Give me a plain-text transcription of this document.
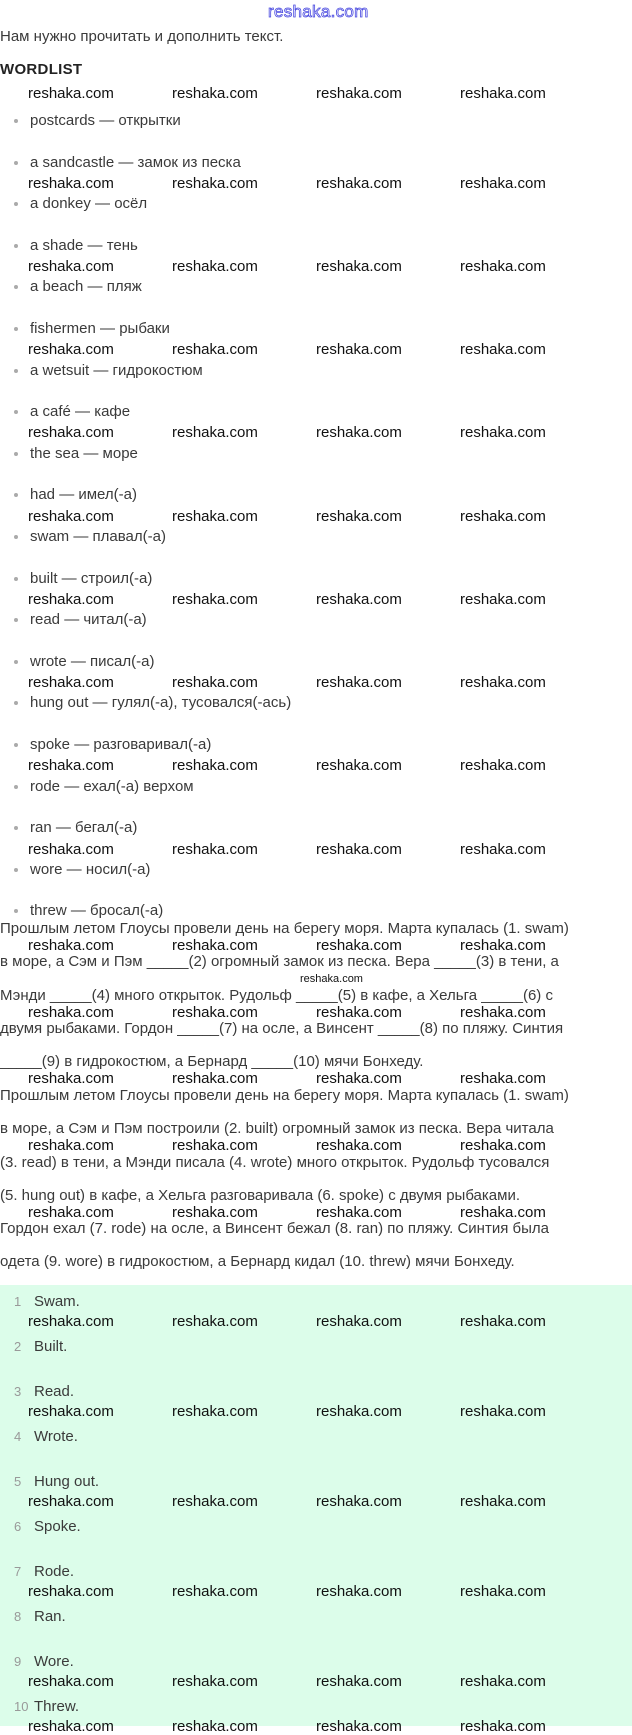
reshaka.com
Нам нужно прочитать и дополнить текст.
WORDLIST
postcards — открытки
a sandcastle — замок из песка
a donkey — осёл
a shade — тень
a beach — пляж
fishermen — рыбаки
a wetsuit — гидрокостюм
a café — кафе
the sea — море
had — имел(-а)
swam — плавал(-а)
built — строил(-а)
read — читал(-а)
wrote — писал(-а)
hung out — гулял(-а), тусовался(-ась)
spoke — разговаривал(-а)
rode — ехал(-а) верхом
ran — бегал(-а)
wore — носил(-а)
threw — бросал(-а)
Прошлым летом Глоусы провели день на берегу моря. Марта купалась (1. swam)
в море, а Сэм и Пэм _____(2) огромный замок из песка. Вера _____(3) в тени, а
Мэнди _____(4) много открыток. Рудольф _____(5) в кафе, а Хельга _____(6) с
двумя рыбаками. Гордон _____(7) на осле, а Винсент _____(8) по пляжу. Синтия
_____(9) в гидрокостюм, а Бернард _____(10) мячи Бонхеду.
Прошлым летом Глоусы провели день на берегу моря. Марта купалась (1. swam)
в море, а Сэм и Пэм построили (2. built) огромный замок из песка. Вера читала
(3. read) в тени, а Мэнди писала (4. wrote) много открыток. Рудольф тусовался
(5. hung out) в кафе, а Хельга разговаривала (6. spoke) с двумя рыбаками.
Гордон ехал (7. rode) на осле, а Винсент бежал (8. ran) по пляжу. Синтия была
одета (9. wore) в гидрокостюм, а Бернард кидал (10. threw) мячи Бонхеду.
1 Swam.
2 Built.
3 Read.
4 Wrote.
5 Hung out.
6 Spoke.
7 Rode.
8 Ran.
9 Wore.
10 Threw.
reshaka.com	reshaka.com	reshaka.com	reshaka.com
reshaka.com	reshaka.com	reshaka.com	reshaka.com
reshaka.com	reshaka.com	reshaka.com	reshaka.com
reshaka.com	reshaka.com	reshaka.com	reshaka.com
reshaka.com	reshaka.com	reshaka.com	reshaka.com
reshaka.com	reshaka.com	reshaka.com	reshaka.com
reshaka.com	reshaka.com	reshaka.com	reshaka.com
reshaka.com	reshaka.com	reshaka.com	reshaka.com
reshaka.com	reshaka.com	reshaka.com	reshaka.com
reshaka.com	reshaka.com	reshaka.com	reshaka.com
reshaka.com	reshaka.com	reshaka.com	reshaka.com
reshaka.com	reshaka.com	reshaka.com	reshaka.com
reshaka.com	reshaka.com	reshaka.com	reshaka.com
reshaka.com	reshaka.com	reshaka.com	reshaka.com
reshaka.com	reshaka.com	reshaka.com	reshaka.com
reshaka.com	reshaka.com	reshaka.com	reshaka.com
reshaka.com	reshaka.com	reshaka.com	reshaka.com
reshaka.com	reshaka.com	reshaka.com	reshaka.com
reshaka.com	reshaka.com	reshaka.com	reshaka.com
reshaka.com	reshaka.com	reshaka.com	reshaka.com
reshaka.com	reshaka.com	reshaka.com	reshaka.com
reshaka.com
